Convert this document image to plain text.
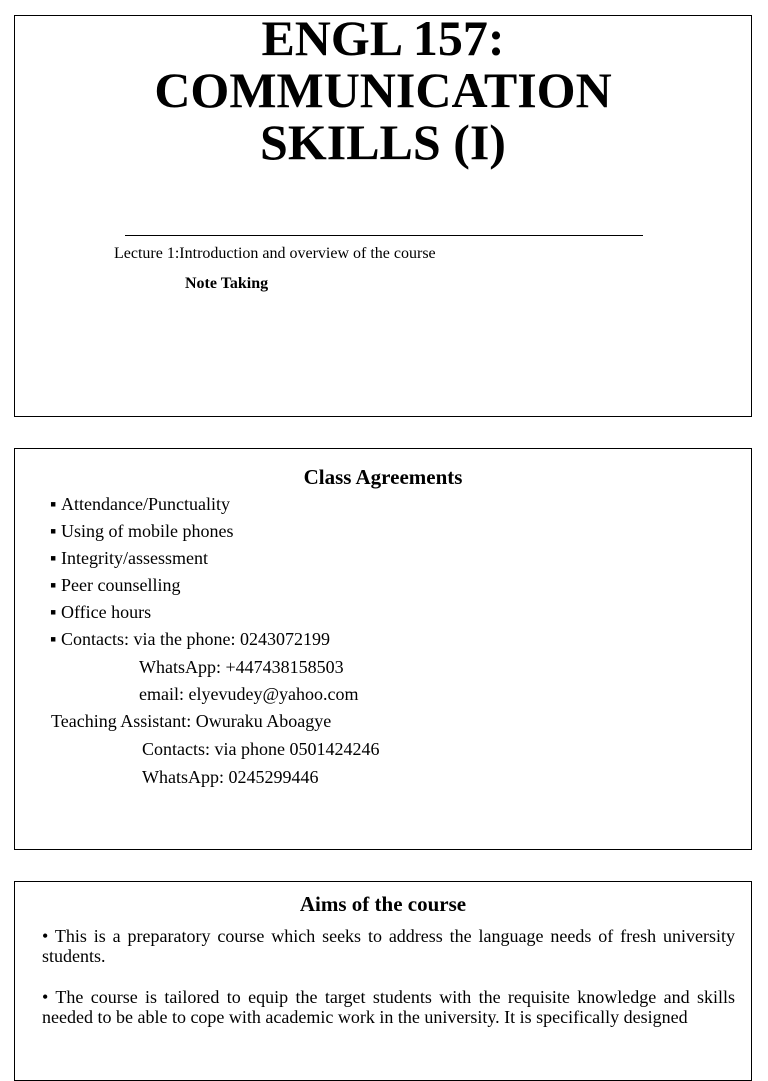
ENGL 157:
COMMUNICATION
SKILLS (I)
Lecture 1:Introduction and overview of the course
Note Taking
Class Agreements
▪ Attendance/Punctuality
▪ Using of mobile phones
▪ Integrity/assessment
▪ Peer counselling
▪ Office hours
▪ Contacts: via the phone: 0243072199
WhatsApp: +447438158503
email: elyevudey@yahoo.com
Teaching Assistant: Owuraku Aboagye
Contacts: via phone 0501424246
WhatsApp: 0245299446
Aims of the course
• This is a preparatory course which seeks to address the language needs of fresh university students.
• The course is tailored to equip the target students with the requisite knowledge and skills needed to be able to cope with academic work in the university. It is specifically designed
